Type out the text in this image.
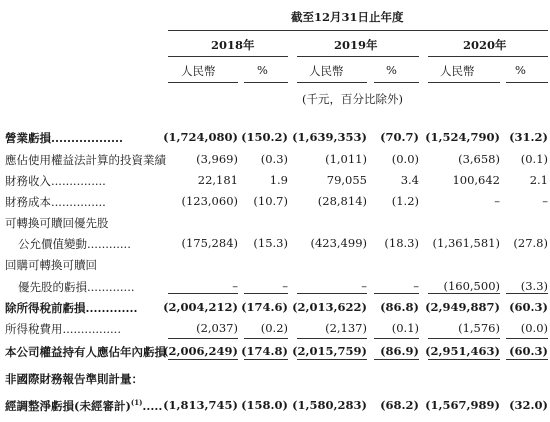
截至12月31日止年度
2018年	2019年	2020年
人民幣	%	人民幣	%	人民幣	%
(千元，百分比除外)
營業虧損..................	(1,724,080) (150.2) (1,639,353)	(70.7) (1,524,790) (31.2)
應佔使用權益法計算的投資業績	(3,969)	(0.3)	(1,011)	(0.0)	(3,658)	(0.1)
財務收入...............	22,181	1.9	79,055	3.4	100,642	2.1
財務成本...............	(123,060)	(10.7)	(28,814)	(1.2)	–	–
可轉換可贖回優先股
公允價值變動............	(175,284)	(15.3)	(423,499)	(18.3)	(1,361,581)	(27.8)
回購可轉換可贖回
優先股的虧損.............	–	–	–	–	(160,500)	(3.3)
除所得稅前虧損.............	(2,004,212) (174.6) (2,013,622)	(86.8) (2,949,887) (60.3)
所得稅費用................	(2,037)	(0.2)	(2,137)	(0.1)	(1,576)	(0.0)
本公司權益持有人應佔年內虧損
(2,006,249) (174.8) (2,015,759)	(86.9) (2,951,463) (60.3)
非國際財務報告準則計量：
經調整淨虧損(未經審計)$^{(1)}$..... (1,813,745) (158.0) (1,580,283)	(68.2) (1,567,989) (32.0)
